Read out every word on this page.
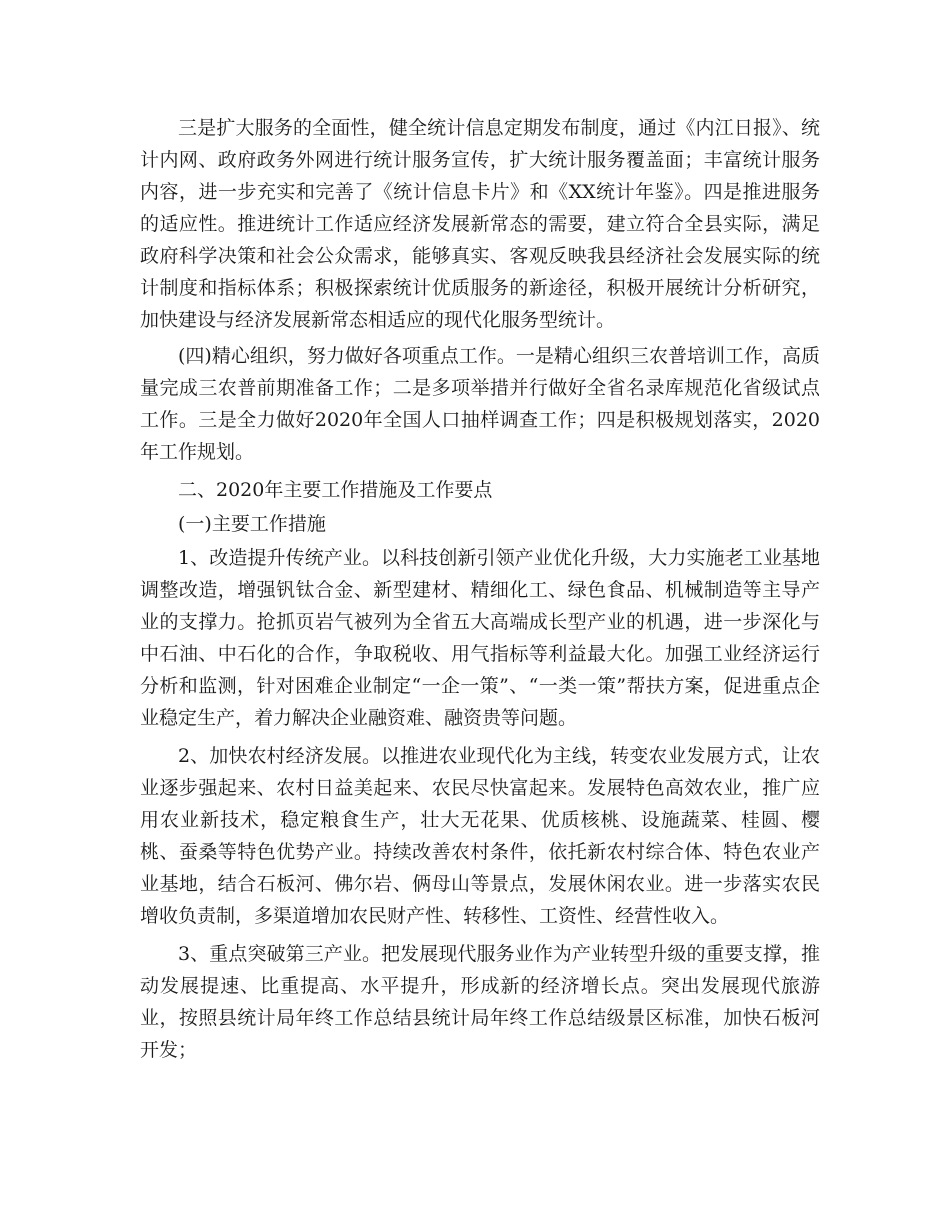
三是扩大服务的全面性，健全统计信息定期发布制度，通过《内江日报》、统计内网、政府政务外网进行统计服务宣传，扩大统计服务覆盖面；丰富统计服务内容，进一步充实和完善了《统计信息卡片》和《XX统计年鉴》。四是推进服务的适应性。推进统计工作适应经济发展新常态的需要，建立符合全县实际，满足政府科学决策和社会公众需求，能够真实、客观反映我县经济社会发展实际的统计制度和指标体系；积极探索统计优质服务的新途径，积极开展统计分析研究，加快建设与经济发展新常态相适应的现代化服务型统计。

(四)精心组织，努力做好各项重点工作。一是精心组织三农普培训工作，高质量完成三农普前期准备工作；二是多项举措并行做好全省名录库规范化省级试点工作。三是全力做好2020年全国人口抽样调查工作；四是积极规划落实，2020年工作规划。

二、2020年主要工作措施及工作要点

(一)主要工作措施

1、改造提升传统产业。以科技创新引领产业优化升级，大力实施老工业基地调整改造，增强钒钛合金、新型建材、精细化工、绿色食品、机械制造等主导产业的支撑力。抢抓页岩气被列为全省五大高端成长型产业的机遇，进一步深化与中石油、中石化的合作，争取税收、用气指标等利益最大化。加强工业经济运行分析和监测，针对困难企业制定“一企一策”、“一类一策”帮扶方案，促进重点企业稳定生产，着力解决企业融资难、融资贵等问题。

2、加快农村经济发展。以推进农业现代化为主线，转变农业发展方式，让农业逐步强起来、农村日益美起来、农民尽快富起来。发展特色高效农业，推广应用农业新技术，稳定粮食生产，壮大无花果、优质核桃、设施蔬菜、桂圆、樱桃、蚕桑等特色优势产业。持续改善农村条件，依托新农村综合体、特色农业产业基地，结合石板河、佛尔岩、俩母山等景点，发展休闲农业。进一步落实农民增收负责制，多渠道增加农民财产性、转移性、工资性、经营性收入。

3、重点突破第三产业。把发展现代服务业作为产业转型升级的重要支撑，推动发展提速、比重提高、水平提升，形成新的经济增长点。突出发展现代旅游业，按照县统计局年终工作总结县统计局年终工作总结级景区标准，加快石板河开发；
